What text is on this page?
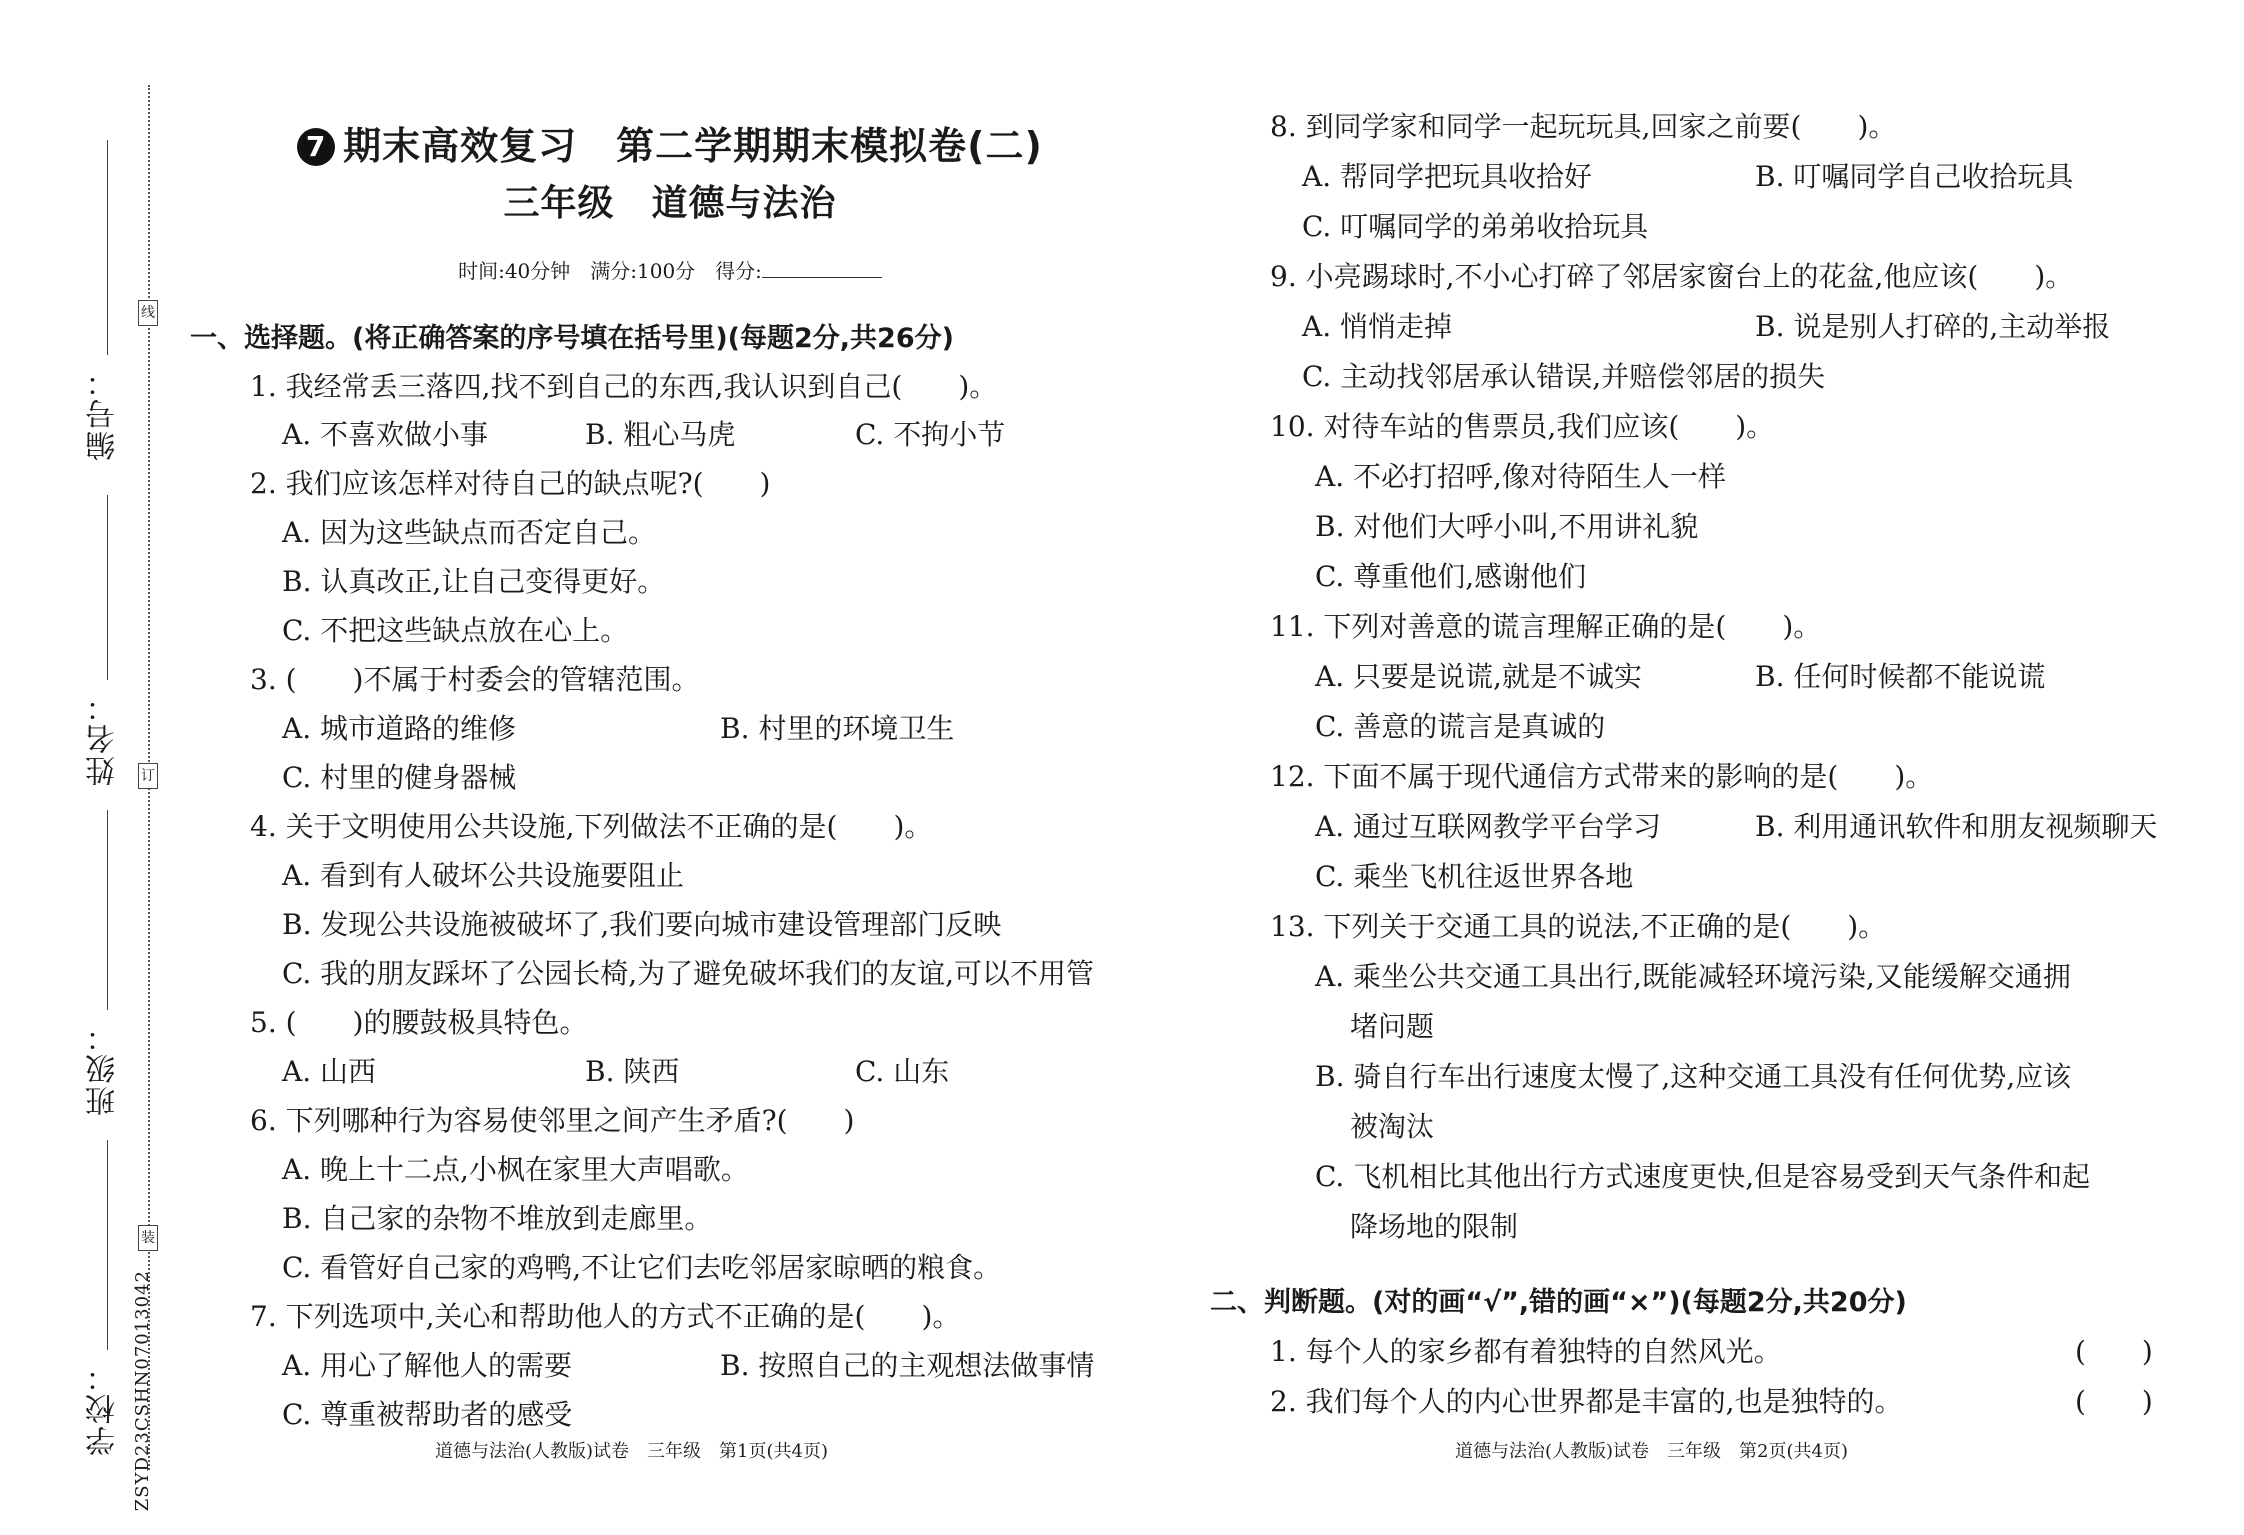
线
订
装
学校：
班级：
姓名：
编号：
ZSYD23CSHN07013042
7 期末高效复习　第二学期期末模拟卷(二)
三年级　道德与法治
时间:40分钟　满分:100分　得分:
一、选择题。(将正确答案的序号填在括号里)(每题2分,共26分)
1. 我经常丢三落四,找不到自己的东西,我认识到自己(　　)。
A. 不喜欢做小事	B. 粗心马虎	C. 不拘小节
2. 我们应该怎样对待自己的缺点呢?(　　)
A. 因为这些缺点而否定自己。
B. 认真改正,让自己变得更好。
C. 不把这些缺点放在心上。
3. (　　)不属于村委会的管辖范围。
A. 城市道路的维修	B. 村里的环境卫生
C. 村里的健身器械
4. 关于文明使用公共设施,下列做法不正确的是(　　)。
A. 看到有人破坏公共设施要阻止
B. 发现公共设施被破坏了,我们要向城市建设管理部门反映
C. 我的朋友踩坏了公园长椅,为了避免破坏我们的友谊,可以不用管
5. (　　)的腰鼓极具特色。
A. 山西	B. 陕西	C. 山东
6. 下列哪种行为容易使邻里之间产生矛盾?(　　)
A. 晚上十二点,小枫在家里大声唱歌。
B. 自己家的杂物不堆放到走廊里。
C. 看管好自己家的鸡鸭,不让它们去吃邻居家晾晒的粮食。
7. 下列选项中,关心和帮助他人的方式不正确的是(　　)。
A. 用心了解他人的需要	B. 按照自己的主观想法做事情
C. 尊重被帮助者的感受
道德与法治(人教版)试卷　三年级　第1页(共4页)
8. 到同学家和同学一起玩玩具,回家之前要(　　)。
A. 帮同学把玩具收拾好	B. 叮嘱同学自己收拾玩具
C. 叮嘱同学的弟弟收拾玩具
9. 小亮踢球时,不小心打碎了邻居家窗台上的花盆,他应该(　　)。
A. 悄悄走掉	B. 说是别人打碎的,主动举报
C. 主动找邻居承认错误,并赔偿邻居的损失
10. 对待车站的售票员,我们应该(　　)。
A. 不必打招呼,像对待陌生人一样
B. 对他们大呼小叫,不用讲礼貌
C. 尊重他们,感谢他们
11. 下列对善意的谎言理解正确的是(　　)。
A. 只要是说谎,就是不诚实	B. 任何时候都不能说谎
C. 善意的谎言是真诚的
12. 下面不属于现代通信方式带来的影响的是(　　)。
A. 通过互联网教学平台学习	B. 利用通讯软件和朋友视频聊天
C. 乘坐飞机往返世界各地
13. 下列关于交通工具的说法,不正确的是(　　)。
A. 乘坐公共交通工具出行,既能减轻环境污染,又能缓解交通拥
堵问题
B. 骑自行车出行速度太慢了,这种交通工具没有任何优势,应该
被淘汰
C. 飞机相比其他出行方式速度更快,但是容易受到天气条件和起
降场地的限制
二、判断题。(对的画“√”,错的画“×”)(每题2分,共20分)
1. 每个人的家乡都有着独特的自然风光。	(　　)
2. 我们每个人的内心世界都是丰富的,也是独特的。	(　　)
道德与法治(人教版)试卷　三年级　第2页(共4页)
